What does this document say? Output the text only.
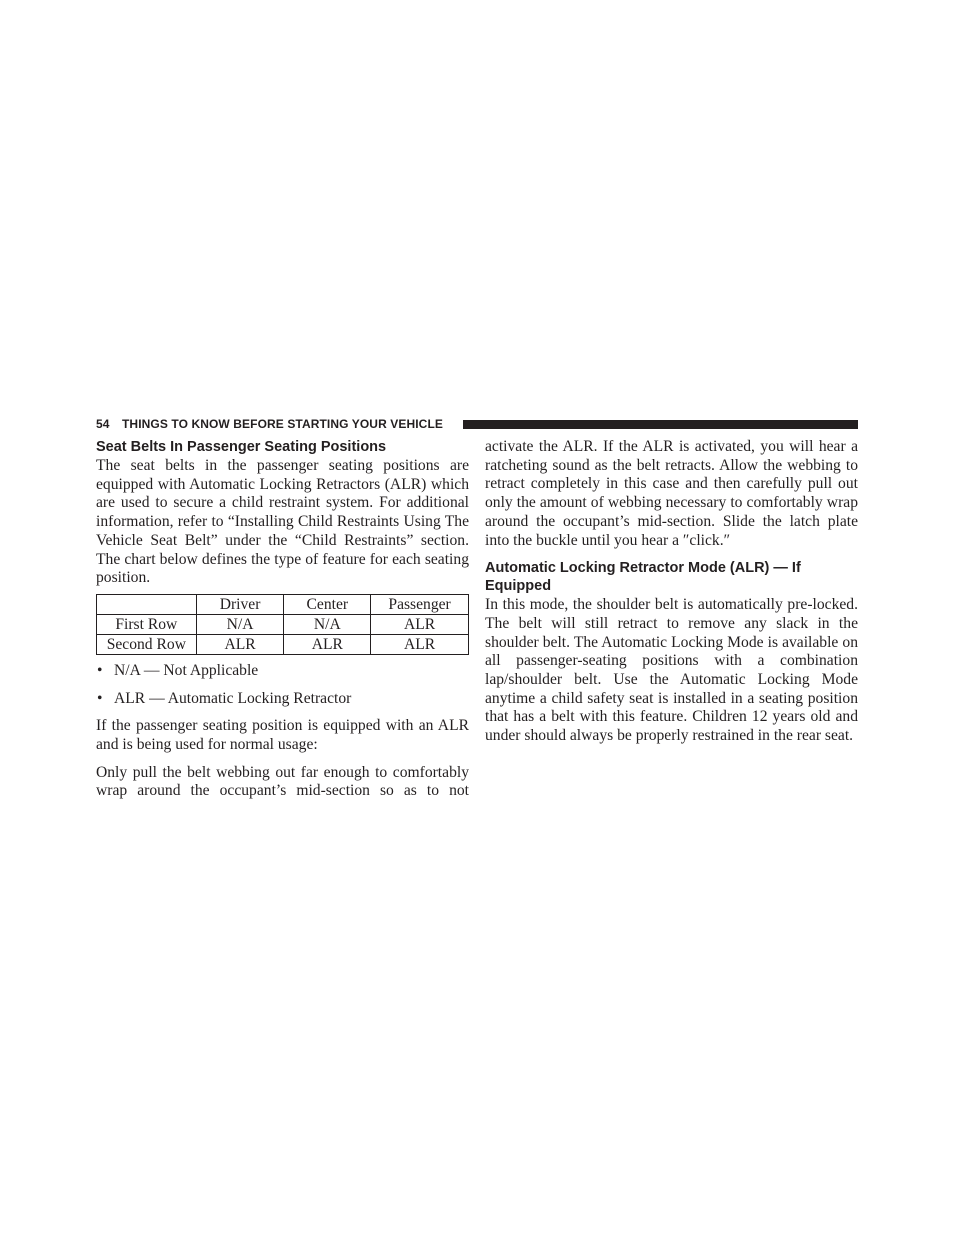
54 THINGS TO KNOW BEFORE STARTING YOUR VEHICLE
Seat Belts In Passenger Seating Positions

The seat belts in the passenger seating positions are equipped with Automatic Locking Retractors (ALR) which are used to secure a child restraint system. For additional information, refer to “Installing Child Restraints Using The Vehicle Seat Belt” under the “Child Restraints” section. The chart below defines the type of feature for each seating position.

	Driver	Center	Passenger
First Row	N/A	N/A	ALR
Second Row	ALR	ALR	ALR
• N/A — Not Applicable
• ALR — Automatic Locking Retractor

If the passenger seating position is equipped with an ALR and is being used for normal usage:

Only pull the belt webbing out far enough to comfortably wrap around the occupant’s mid-section so as to not

activate the ALR. If the ALR is activated, you will hear a ratcheting sound as the belt retracts. Allow the webbing to retract completely in this case and then carefully pull out only the amount of webbing necessary to comfortably wrap around the occupant’s mid-section. Slide the latch plate into the buckle until you hear a ″click.″

Automatic Locking Retractor Mode (ALR) — If Equipped

In this mode, the shoulder belt is automatically pre-locked. The belt will still retract to remove any slack in the shoulder belt. The Automatic Locking Mode is available on all passenger-seating positions with a combination lap/shoulder belt. Use the Automatic Locking Mode anytime a child safety seat is installed in a seating position that has a belt with this feature. Children 12 years old and under should always be properly restrained in the rear seat.
